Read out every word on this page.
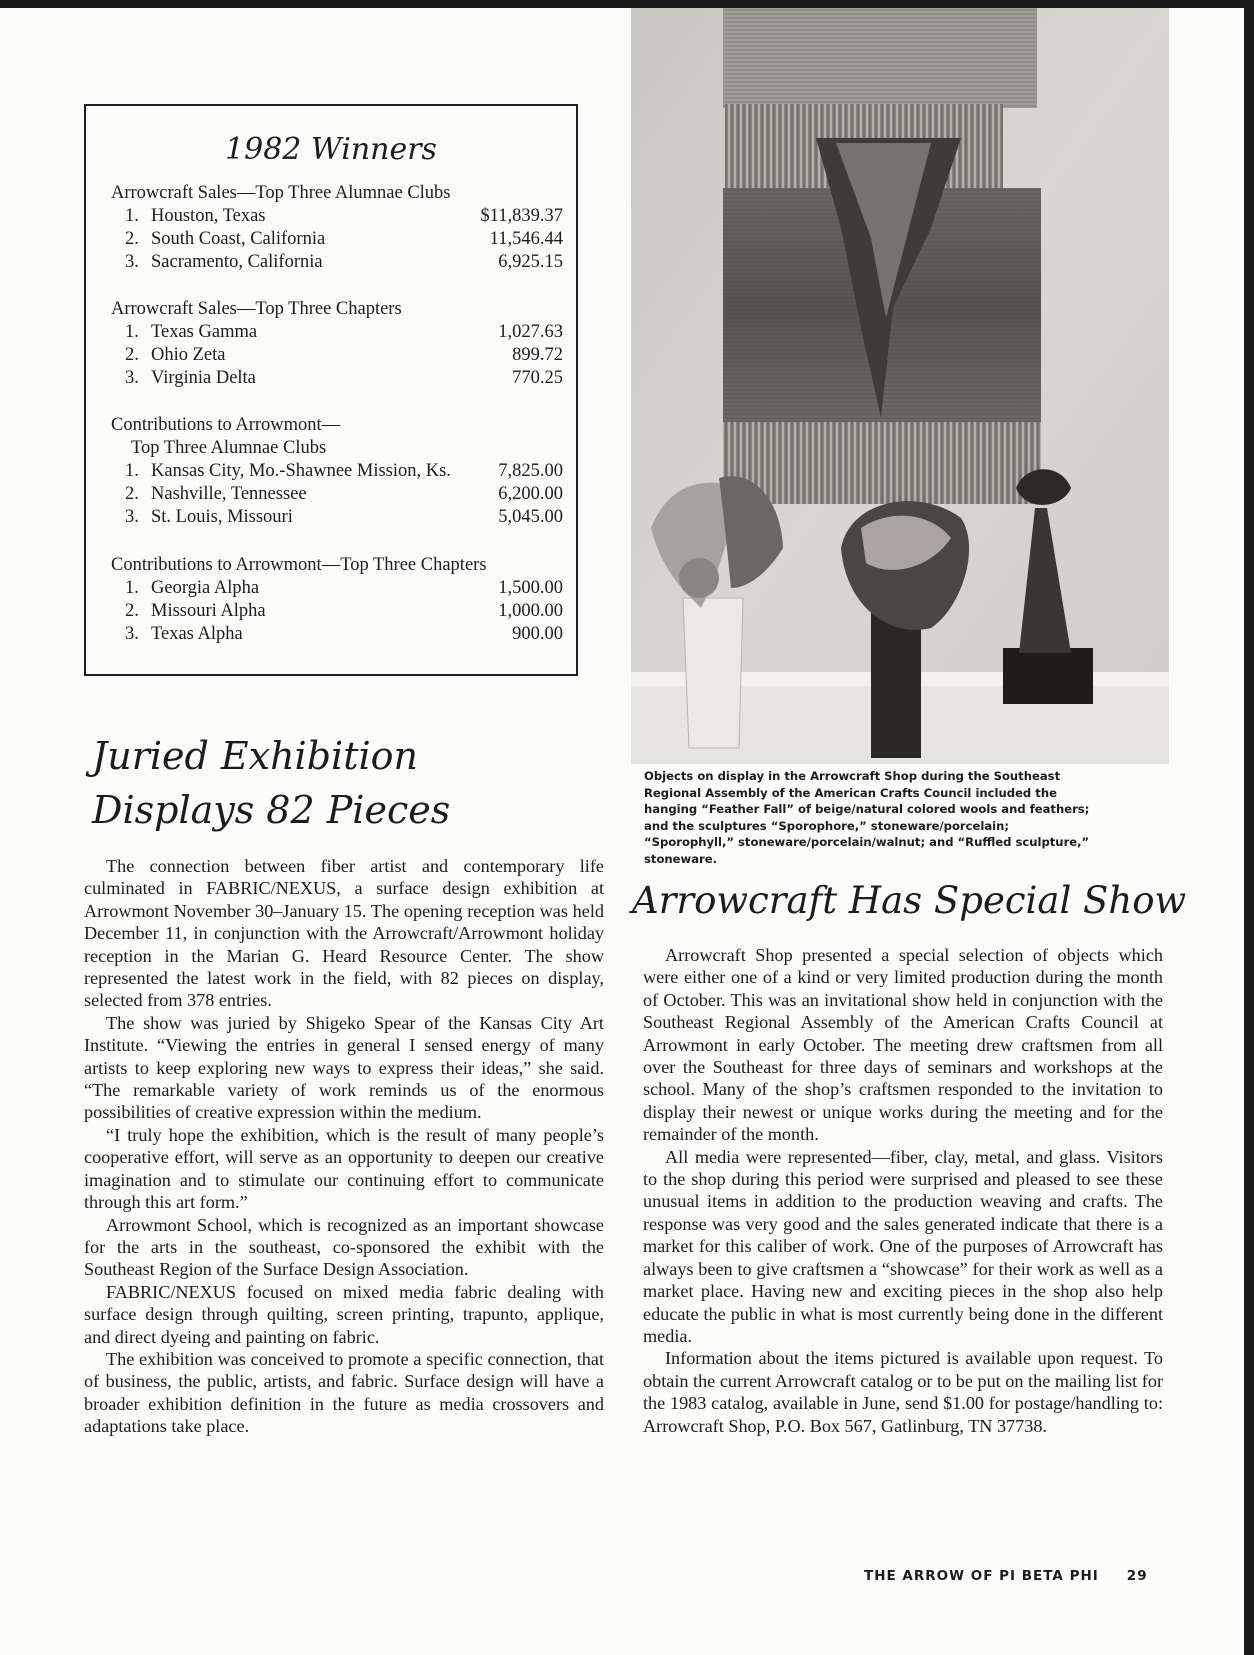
1982 Winners
Arrowcraft Sales—Top Three Alumnae Clubs
1. Houston, Texas	$11,839.37
2. South Coast, California	11,546.44
3. Sacramento, California	6,925.15
Arrowcraft Sales—Top Three Chapters
1. Texas Gamma	1,027.63
2. Ohio Zeta	899.72
3. Virginia Delta	770.25
Contributions to Arrowmont—
Top Three Alumnae Clubs
1. Kansas City, Mo.-Shawnee Mission, Ks.	7,825.00
2. Nashville, Tennessee	6,200.00
3. St. Louis, Missouri	5,045.00
Contributions to Arrowmont—Top Three Chapters
1. Georgia Alpha	1,500.00
2. Missouri Alpha	1,000.00
3. Texas Alpha	900.00
Juried Exhibition
Displays 82 Pieces

The connection between fiber artist and contemporary life culminated in FABRIC/NEXUS, a surface design exhibition at Arrowmont November 30–January 15. The opening reception was held December 11, in conjunction with the Arrowcraft/Arrowmont holiday reception in the Marian G. Heard Resource Center. The show represented the latest work in the field, with 82 pieces on display, selected from 378 entries.

The show was juried by Shigeko Spear of the Kansas City Art Institute. “Viewing the entries in general I sensed energy of many artists to keep exploring new ways to express their ideas,” she said. “The remarkable variety of work reminds us of the enormous possibilities of creative expression within the medium.

“I truly hope the exhibition, which is the result of many people’s cooperative effort, will serve as an opportunity to deepen our creative imagination and to stimulate our continuing effort to communicate through this art form.”

Arrowmont School, which is recognized as an important showcase for the arts in the southeast, co-sponsored the exhibit with the Southeast Region of the Surface Design Association.

FABRIC/NEXUS focused on mixed media fabric dealing with surface design through quilting, screen printing, trapunto, applique, and direct dyeing and painting on fabric.

The exhibition was conceived to promote a specific connection, that of business, the public, artists, and fabric. Surface design will have a broader exhibition definition in the future as media crossovers and adaptations take place.

Objects on display in the Arrowcraft Shop during the Southeast Regional Assembly of the American Crafts Council included the hanging “Feather Fall” of beige/natural colored wools and feathers; and the sculptures “Sporophore,” stoneware/porcelain; “Sporophyll,” stoneware/porcelain/walnut; and “Ruffled sculpture,” stoneware.
Arrowcraft Has Special Show

Arrowcraft Shop presented a special selection of objects which were either one of a kind or very limited production during the month of October. This was an invitational show held in conjunction with the Southeast Regional Assembly of the American Crafts Council at Arrowmont in early October. The meeting drew craftsmen from all over the Southeast for three days of seminars and workshops at the school. Many of the shop’s craftsmen responded to the invitation to display their newest or unique works during the meeting and for the remainder of the month.

All media were represented—fiber, clay, metal, and glass. Visitors to the shop during this period were surprised and pleased to see these unusual items in addition to the production weaving and crafts. The response was very good and the sales generated indicate that there is a market for this caliber of work. One of the purposes of Arrowcraft has always been to give craftsmen a “showcase” for their work as well as a market place. Having new and exciting pieces in the shop also help educate the public in what is most currently being done in the different media.

Information about the items pictured is available upon request. To obtain the current Arrowcraft catalog or to be put on the mailing list for the 1983 catalog, available in June, send $1.00 for postage/handling to: Arrowcraft Shop, P.O. Box 567, Gatlinburg, TN 37738.

THE ARROW OF PI BETA PHI 29
